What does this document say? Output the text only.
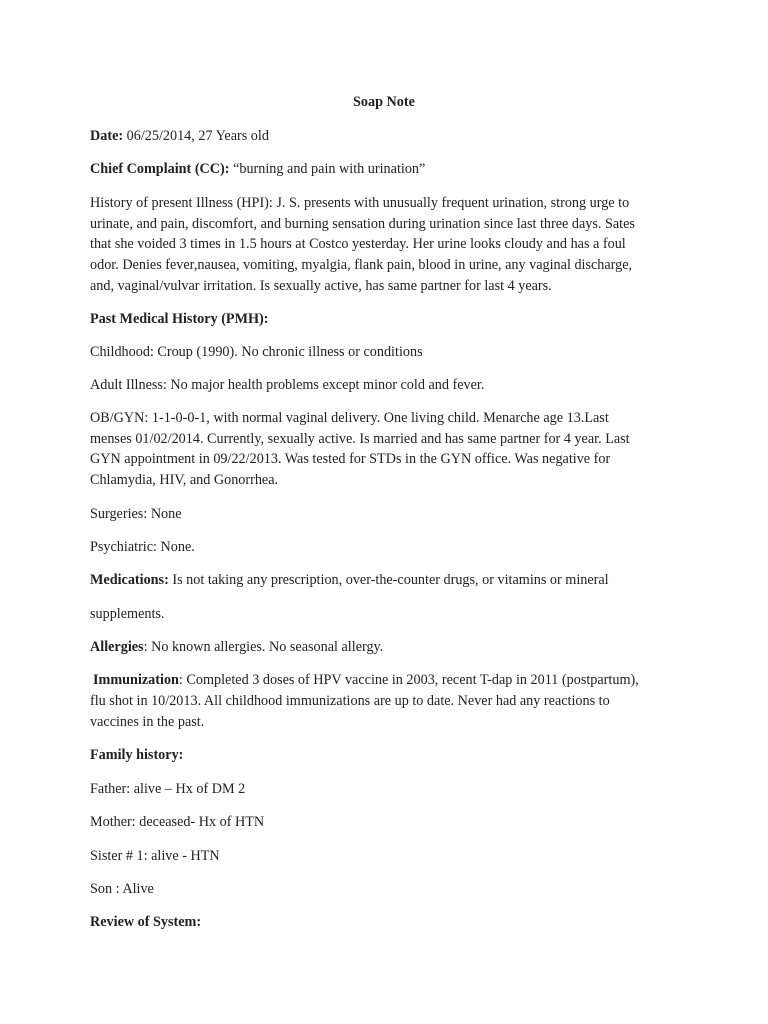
Soap Note
Date: 06/25/2014, 27 Years old
Chief Complaint (CC): “burning and pain with urination”
History of present Illness (HPI): J. S. presents with unusually frequent urination, strong urge to
urinate, and pain, discomfort, and burning sensation during urination since last three days. Sates
that she voided 3 times in 1.5 hours at Costco yesterday. Her urine looks cloudy and has a foul
odor. Denies fever,nausea, vomiting, myalgia, flank pain, blood in urine, any vaginal discharge,
and, vaginal/vulvar irritation. Is sexually active, has same partner for last 4 years.
Past Medical History (PMH):
Childhood: Croup (1990). No chronic illness or conditions
Adult Illness: No major health problems except minor cold and fever.
OB/GYN: 1-1-0-0-1, with normal vaginal delivery. One living child. Menarche age 13.Last
menses 01/02/2014. Currently, sexually active. Is married and has same partner for 4 year. Last
GYN appointment in 09/22/2013. Was tested for STDs in the GYN office. Was negative for
Chlamydia, HIV, and Gonorrhea.
Surgeries: None
Psychiatric: None.
Medications: Is not taking any prescription, over-the-counter drugs, or vitamins or mineral
supplements.
Allergies: No known allergies. No seasonal allergy.
Immunization: Completed 3 doses of HPV vaccine in 2003, recent T-dap in 2011 (postpartum),
flu shot in 10/2013. All childhood immunizations are up to date. Never had any reactions to
vaccines in the past.
Family history:
Father: alive – Hx of DM 2
Mother: deceased- Hx of HTN
Sister # 1: alive - HTN
Son : Alive
Review of System:
